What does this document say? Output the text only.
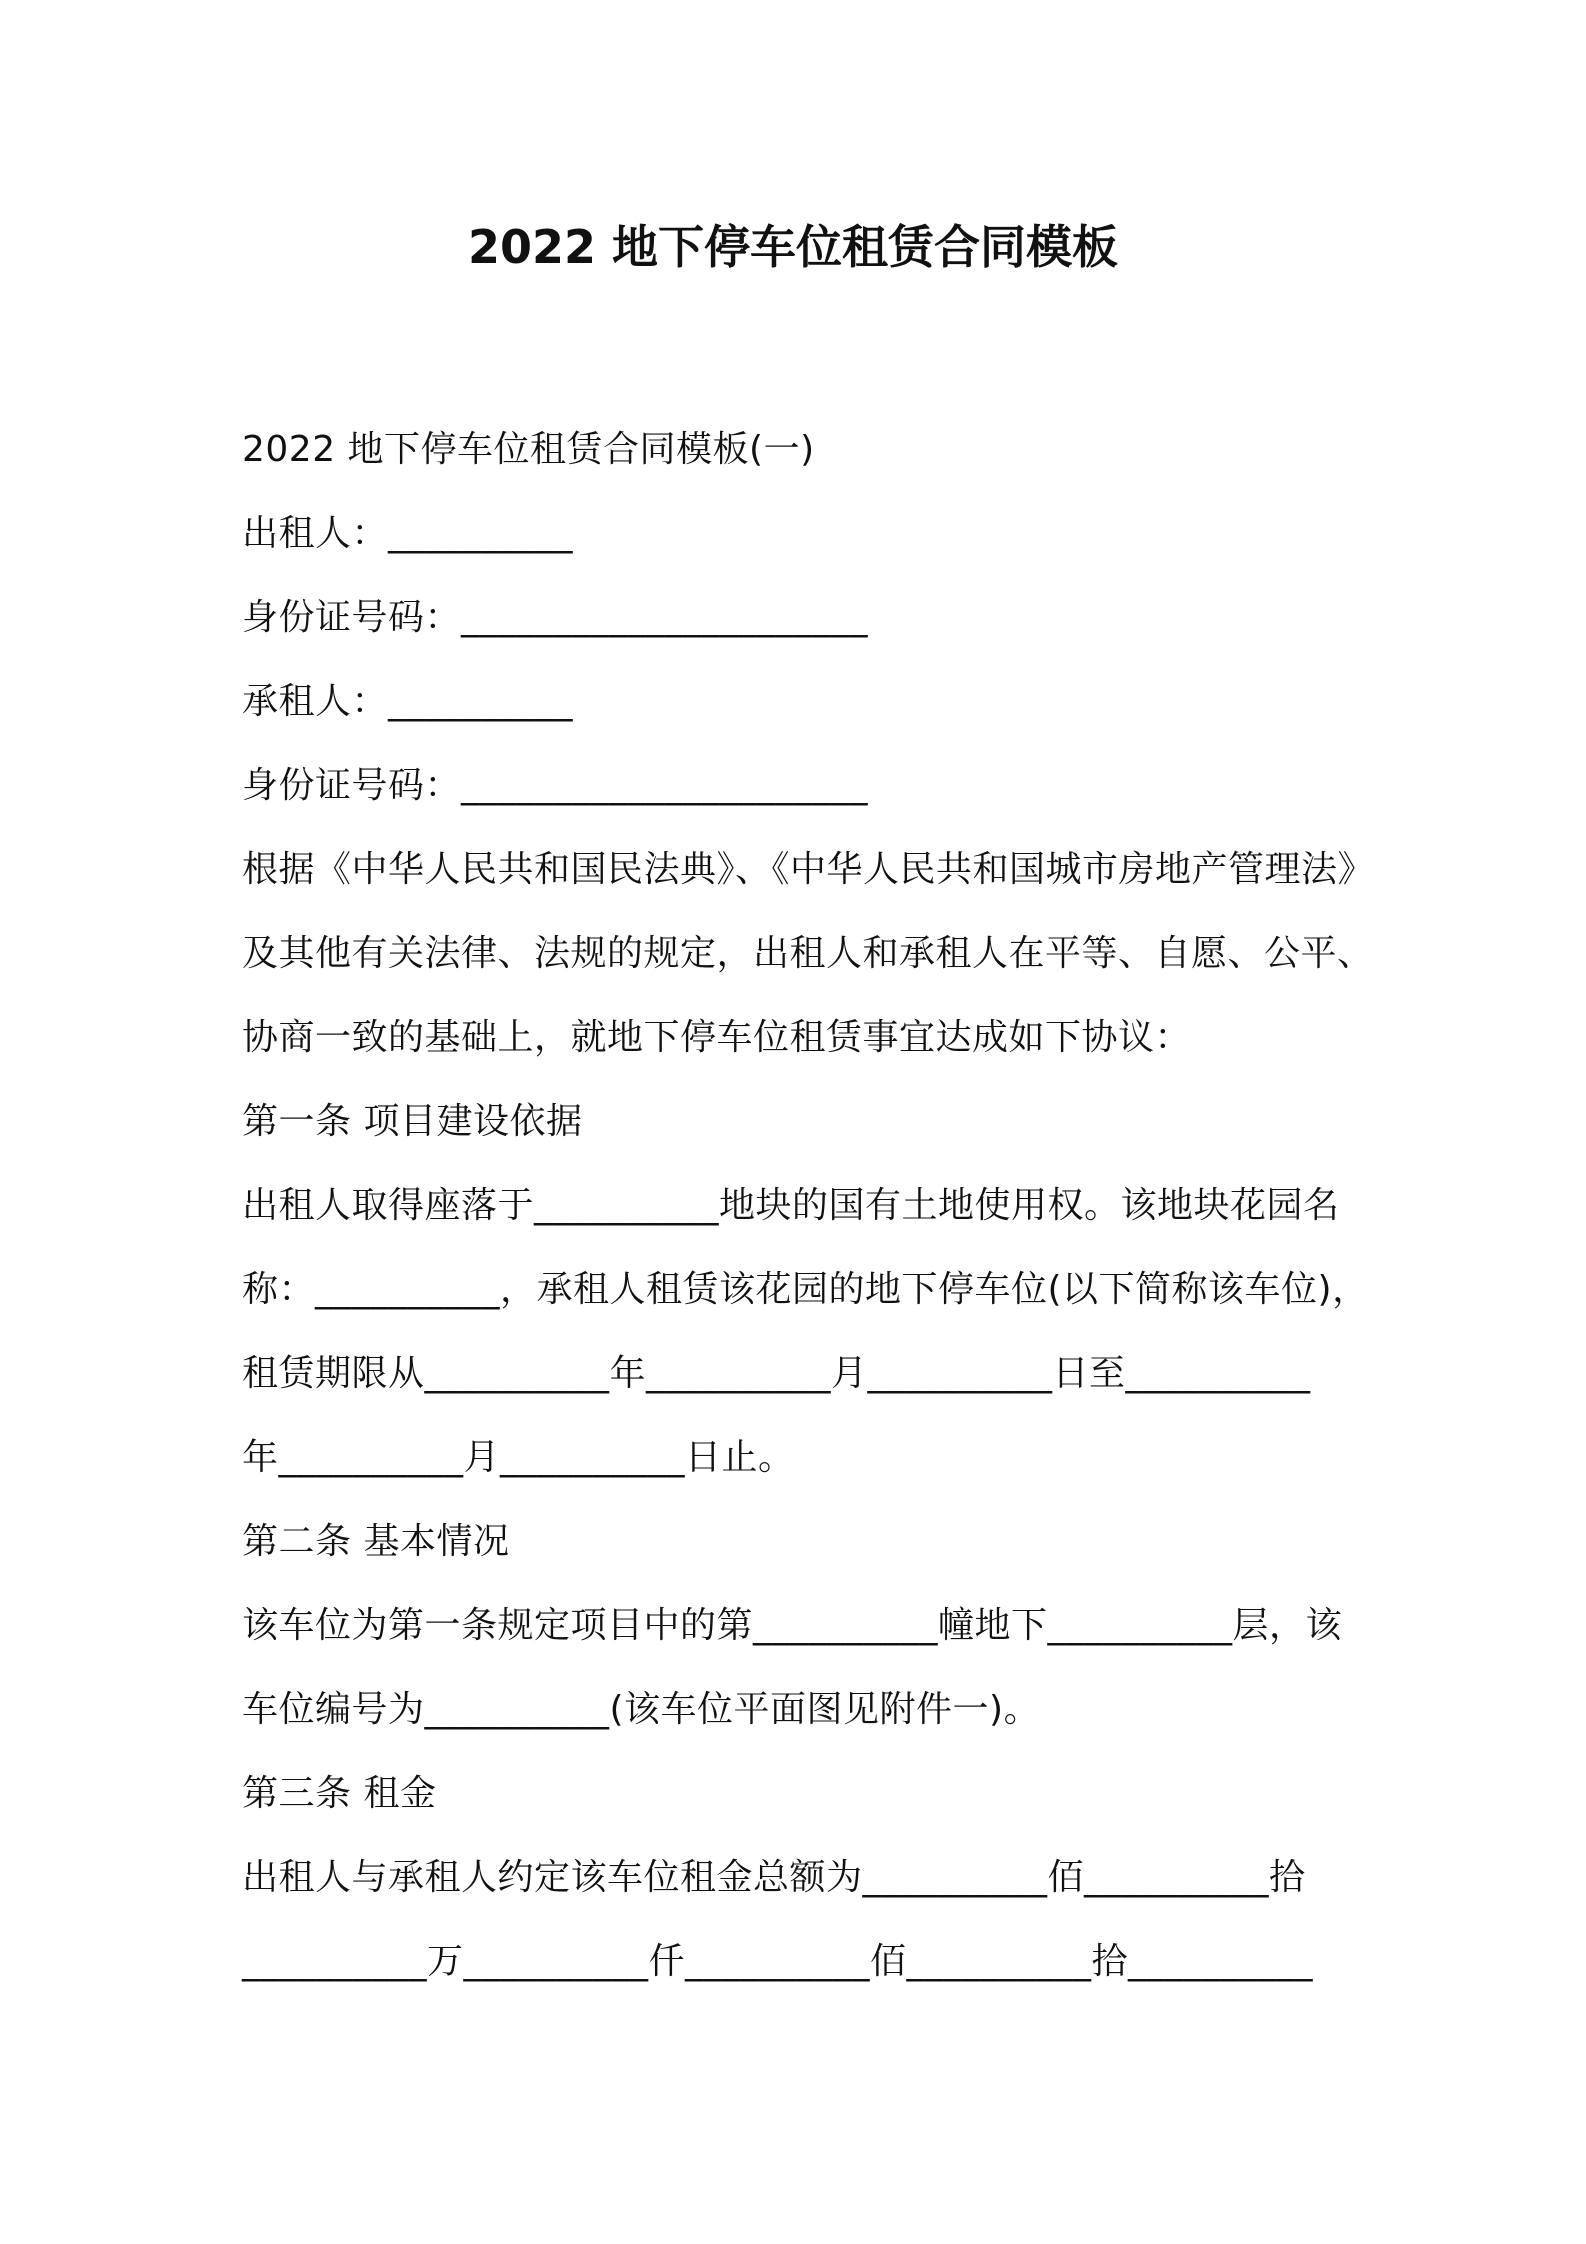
2022 地下停车位租赁合同模板
2022 地下停车位租赁合同模板(一)
出租人：__________
身份证号码：______________________
承租人：__________
身份证号码：______________________
根据《中华人民共和国民法典》、《中华人民共和国城市房地产管理法》
及其他有关法律、法规的规定，出租人和承租人在平等、自愿、公平、
协商一致的基础上，就地下停车位租赁事宜达成如下协议：
第一条 项目建设依据
出租人取得座落于__________地块的国有土地使用权。该地块花园名
称：__________，承租人租赁该花园的地下停车位(以下简称该车位)，
租赁期限从__________年__________月__________日至__________
年__________月__________日止。
第二条 基本情况
该车位为第一条规定项目中的第__________幢地下__________层，该
车位编号为__________(该车位平面图见附件一)。
第三条 租金
出租人与承租人约定该车位租金总额为__________佰__________拾
__________万__________仟__________佰__________拾__________
